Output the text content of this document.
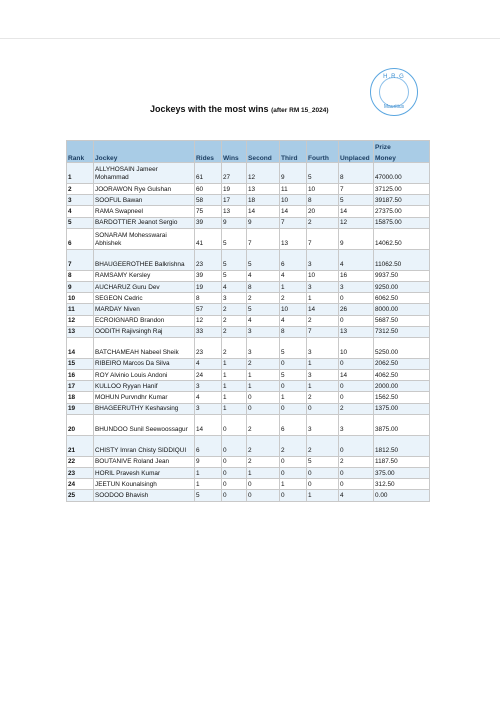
H.R.G
Mauritius
Jockeys with the most wins (after RM 15_2024)
								Prize
Rank	Jockey	Rides	Wins	Second	Third	Fourth	Unplaced	Money
1	ALLYHOSAIN Jameer Mohammad	61	27	12	9	5	8	47000.00
2	JOORAWON Rye Gulshan	60	19	13	11	10	7	37125.00
3	SOOFUL Bawan	58	17	18	10	8	5	39187.50
4	RAMA Swapneel	75	13	14	14	20	14	27375.00
5	BARDOTTIER Jeanot Sergio	39	9	9	7	2	12	15875.00
6	SONARAM Mohesswarai Abhishek	41	5	7	13	7	9	14062.50
7	BHAUGEEROTHEE Balkrishna	23	5	5	6	3	4	11062.50
8	RAMSAMY Kersley	39	5	4	4	10	16	9937.50
9	AUCHARUZ Guru Dev	19	4	8	1	3	3	9250.00
10	SEGEON Cedric	8	3	2	2	1	0	6062.50
11	MARDAY Niven	57	2	5	10	14	26	8000.00
12	ECROIGNARD Brandon	12	2	4	4	2	0	5687.50
13	OODITH Rajivsingh Raj	33	2	3	8	7	13	7312.50
14	BATCHAMEAH Nabeel Sheik	23	2	3	5	3	10	5250.00
15	RIBEIRO Marcos Da Silva	4	1	2	0	1	0	2062.50
16	ROY Alvinio Louis Andoni	24	1	1	5	3	14	4062.50
17	KULLOO Ryyan Hanif	3	1	1	0	1	0	2000.00
18	MOHUN Purvndhr Kumar	4	1	0	1	2	0	1562.50
19	BHAGEERUTHY Keshavsing	3	1	0	0	0	2	1375.00
20	BHUNDOO Sunil Seewoossagur	14	0	2	6	3	3	3875.00
21	CHISTY Imran Chisty SIDDIQUI	6	0	2	2	2	0	1812.50
22	BOUTANIVE Roland Jean	9	0	2	0	5	2	1187.50
23	HORIL Pravesh Kumar	1	0	1	0	0	0	375.00
24	JEETUN Kounalsingh	1	0	0	1	0	0	312.50
25	SOODOO Bhavish	5	0	0	0	1	4	0.00
